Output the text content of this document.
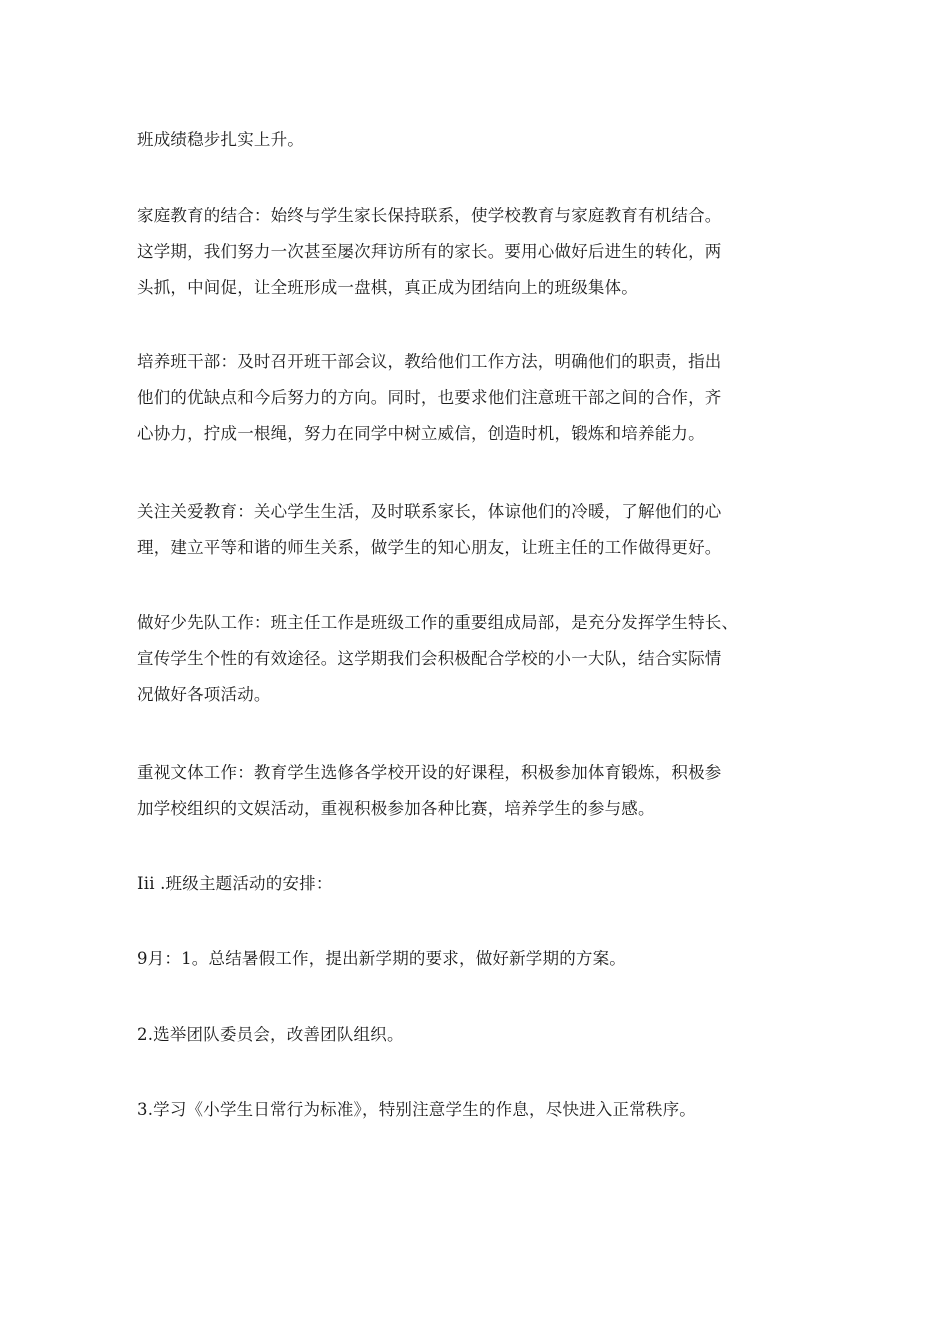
班成绩稳步扎实上升。

家庭教育的结合：始终与学生家长保持联系，使学校教育与家庭教育有机结合。
这学期，我们努力一次甚至屡次拜访所有的家长。要用心做好后进生的转化，两
头抓，中间促，让全班形成一盘棋，真正成为团结向上的班级集体。

培养班干部：及时召开班干部会议，教给他们工作方法，明确他们的职责，指出
他们的优缺点和今后努力的方向。同时，也要求他们注意班干部之间的合作，齐
心协力，拧成一根绳，努力在同学中树立威信，创造时机，锻炼和培养能力。

关注关爱教育：关心学生生活，及时联系家长，体谅他们的冷暖，了解他们的心
理，建立平等和谐的师生关系，做学生的知心朋友，让班主任的工作做得更好。

做好少先队工作：班主任工作是班级工作的重要组成局部，是充分发挥学生特长、
宣传学生个性的有效途径。这学期我们会积极配合学校的小一大队，结合实际情
况做好各项活动。

重视文体工作：教育学生选修各学校开设的好课程，积极参加体育锻炼，积极参
加学校组织的文娱活动，重视积极参加各种比赛，培养学生的参与感。

Iii .班级主题活动的安排：

9月：1。总结暑假工作，提出新学期的要求，做好新学期的方案。

2.选举团队委员会，改善团队组织。

3.学习《小学生日常行为标准》，特别注意学生的作息，尽快进入正常秩序。
